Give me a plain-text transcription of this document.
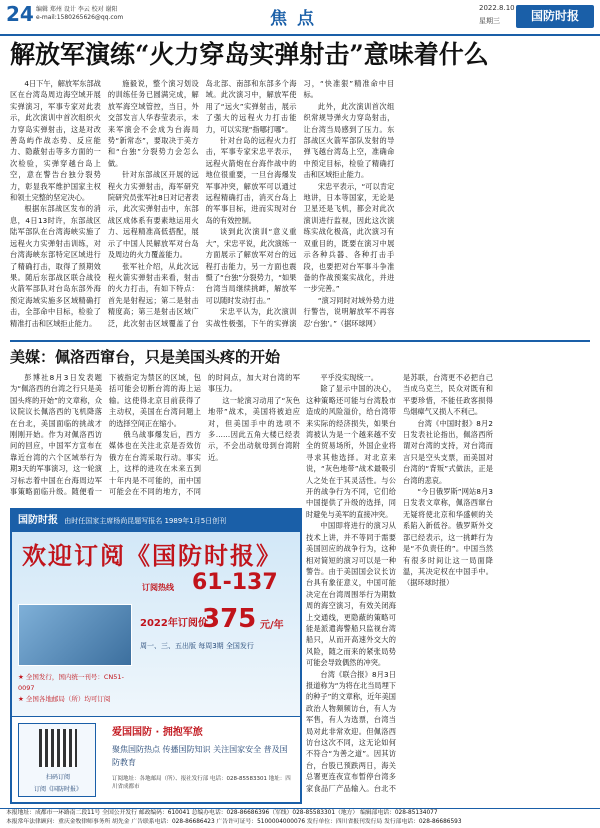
24 编辑 郑州 设计 李云 校对 谢阳
e-mail:1580265626@qq.com	焦点
2022.8.10
星期三	国防时报
解放军演练“火力穿岛实弹射击”意味着什么

4日下午，解放军东部战区在台湾岛周边海空域开展实弹演习，军事专家对此表示，此次演训中首次组织火力穿岛实弹射击，这是对改善岛屿作战态势、反应能力、隐蔽射击等多方面的一次检验，实弹穿越台岛上空，意在警告台独分裂势力，彰显我军维护国家主权和领土完整的坚定决心。

根据东部战区发布的消息，4日13时许，东部战区陆军部队在台湾海峡实施了远程火力实弹射击训练，对台湾海峡东部特定区域进行了精确打击，取得了预期效果。随后东部战区联合战役火箭军部队对台岛东部外海预定海域实施多区域精确打击，全部命中目标，检验了精准打击和区域拒止能力。

施毅说，整个演习划设的训练任务已圆满完成，解放军海空域管控，当日，外交部发言人华春莹表示，未来军演会不会成为台海局势“新常态”，要取决于美方和“台独”分裂势力会怎么做。

针对东部战区开展的远程火力实弹射击，海军研究院研究员张军社8日对记者表示，此次实弹射击中，东部战区成体系有要素地运用火力、远程精准高低搭配，展示了中国人民解放军对台岛及周边的火力覆盖能力。

张军社介绍，从此次远程火箭实弹射击来看，射击的火力打击，有如下特点：首先是射程远；第二是射击精度高；第三是射击区域广泛，此次射击区域覆盖了台岛北部、南部和东部多个海域。此次演习中，解放军使用了“远火”实弹射击，展示了强大的远程火力打击能力，可以实现“指哪打哪”。

针对台岛的远程火力打击，军事专家宋忠平表示，远程火箭炮在台海作战中的地位很重要，一旦台海爆发军事冲突，解放军可以通过远程精确打击，消灭台岛上的军事目标，进而实现对台岛的有效控制。

谈到此次演训“意义重大”，宋忠平说，此次演练一方面展示了解放军对台的远程打击能力，另一方面也震慑了“台独”分裂势力，“如果台湾当局继续挑衅，解放军可以随时发动打击。”

宋忠平认为，此次演训实战性极强，下午的实弹演习，“快准狠”精准命中目标。

此外，此次演训首次组织常规导弹火力穿岛射击，让台湾当局感到了压力。东部战区火箭军部队发射的导弹飞越台湾岛上空，准确命中预定目标，检验了精确打击和区域拒止能力。

宋忠平表示，“可以肯定地讲，日本等国家，无论是卫星还是飞机，都会对此次演训进行监视，因此这次演练实战化极高，此次演习有双重目的，既要在演习中展示各种兵器、各种打击手段，也要把对台军事斗争准备的作战预案实战化，并进一步完善。”

“演习同时对域外势力进行警告，说明解放军不再容忍‘台独’。”（据环球网）

美媒：佩洛西窜台，只是美国头疼的开始

彭博社8月3日发表题为“佩洛西的台湾之行只是美国头疼的开始”的文章称，众议院议长佩洛西的飞机降落在台北，美国面临的挑战才刚刚开始。作为对佩洛西访问的回应，中国军方宣布在靠近台湾的六个区域举行为期3天的军事演习，这一轮演习标志着中国在台海周边军事策略面临升级。随便看一下被指定为禁区的区域，包括可能会切断台湾的海上运输。这使得北京目前获得了主动权，美国在台湾问题上的选择空间正在缩小。

俄乌战事爆发后，西方媒体也在关注北京是否效仿俄方在台湾采取行动。事实上，这样的进攻在未来五到十年内是不可能的，而中国可能会在不同的地方，不同的时间点，加大对台湾的军事压力。

这一轮演习动用了“灰色地带”战术，美国将被迫应对，但美国手中的选项不多……因此五角大楼已经表示，不会出动航母到台湾附近。

平乎没实现统一。

除了显示中国的决心，这种策略还可能与台湾股市造成的风险溢价，给台湾带来实际的经济损失，如果台湾被认为是一个越来越不安全的贸易场所，外国企业将寻求其他选择。对北京来说，“灰色地带”战术最吸引人之处在于其灵活性。与公开的战争行为不同，它们给中国提供了升级的选择，同时避免与美军的直接冲突。

中国即将进行的演习从技术上讲，并不等同于需要美国回应的战争行为，这种相对简短的演习可以是一种警告。由于美国国会议长访台具有象征意义，中国可能决定在台湾周围举行为期数周的海空演习，有效关闭海上交通线，更隐蔽的策略可能是派遣海警船只监视台湾船只，从而开高速外交大的风险，随之而来的紧张局势可能会导致偶然的冲突。

台湾《联合报》8月3日报道称为“为将在北当局埋下的种子”的文章称，近年美国政治人物频频访台，有人为军售，有人为选票，台湾当局对此非常欢迎。但佩洛西访台这次不同，这无论如何不符合“为善之道”。因其访台，台股已预跌两日，海关总署更连夜宣布暂停台湾多家食品厂产品输入。台北不是苏联，台湾更不必把自己当成乌克兰，民众对既有和平要珍惜，不能任政客损得鸟烟瘴气又损人不利己。

台湾《中国时报》8月2日发表社论指出，佩洛西所谓对台湾的支持，对台湾而言只是空头支票，而美国对台湾的“背叛”式做法，正是台湾的悲哀。

“今日俄罗斯”网站8月3日发表文章称，佩洛西窜台无疑将使北京和华盛顿的关系陷入新低谷。俄罗斯外交部已经表示，这一挑衅行为是“不负责任的”。中国当然有很多时间让这一局面降温，其决定权在中国手中。（据环球时报）

国防时报 由时任国家主席杨尚昆题写报名 1989年1月5日创刊
欢迎订阅《国防时报》
订阅热线 61-137
2022年订阅价
375 元/年
周一、三、五出版 每周3期 全国发行
★ 全国发行，国内统一刊号：CN51-0097
★ 全国各地邮局（所）均可订阅
扫码订阅
订阅《国防时报》
爱国国防 · 拥抱军旅
聚焦国防热点 传播国防知识 关注国家安全 普及国防教育
订阅地址：各地邮局（所）、报社发行部 电话：028-85583301 地址：四川省成都市
本报地址：成都市一环路南二段11号 全国公开发行 邮政编码：610041 总编办电话：028-86686396（军线）028-85583301（地方） 编辑部电话：028-85134077
本报常年法律顾问：重庆金牧律师事务所 胡先金 广告联系电话：028-86686423 广告许可证号：5100004000076 发行单位：四川省报刊发行局 发行部电话：028-86686593
